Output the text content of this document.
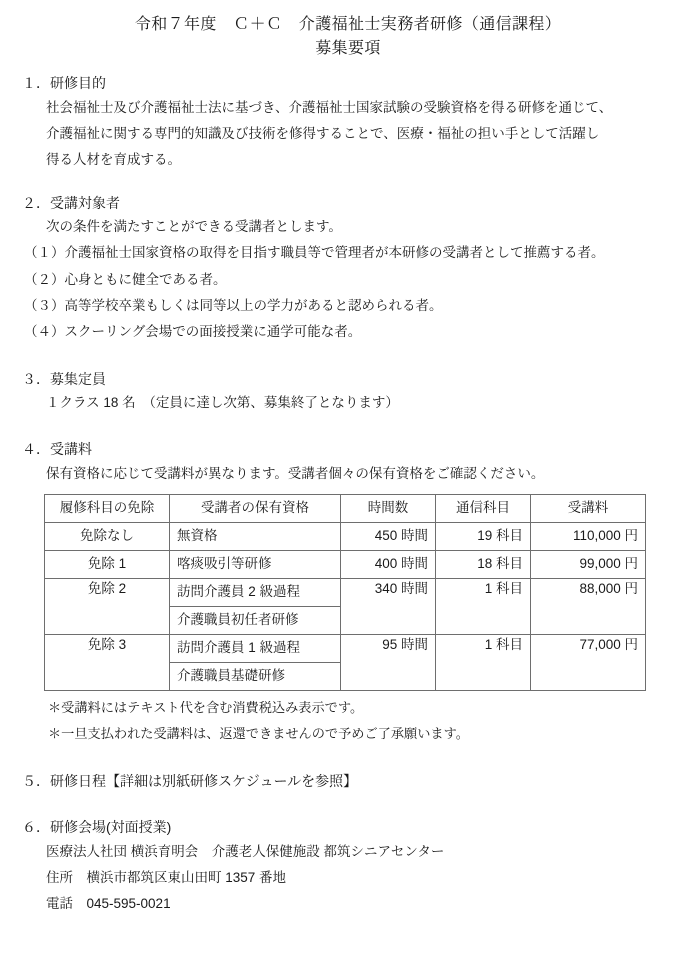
令和７年度　Ｃ＋Ｃ　介護福祉士実務者研修（通信課程）
募集要項
１．研修目的
社会福祉士及び介護福祉士法に基づき、介護福祉士国家試験の受験資格を得る研修を通じて、
介護福祉に関する専門的知識及び技術を修得することで、医療・福祉の担い手として活躍し
得る人材を育成する。
２．受講対象者
次の条件を満たすことができる受講者とします。
（１）介護福祉士国家資格の取得を目指す職員等で管理者が本研修の受講者として推薦する者。
（２）心身ともに健全である者。
（３）高等学校卒業もしくは同等以上の学力があると認められる者。
（４）スクーリング会場での面接授業に通学可能な者。
３．募集定員
１クラス 18 名　（定員に達し次第、募集終了となります）
４．受講料
保有資格に応じて受講料が異なります。受講者個々の保有資格をご確認ください。
履修科目の免除	受講者の保有資格	時間数	通信科目	受講料
免除なし	無資格	450 時間	19 科目	110,000 円
免除 1	喀痰吸引等研修	400 時間	18 科目	99,000 円
免除 2	訪問介護員 2 級過程	340 時間	1 科目	88,000 円
	介護職員初任者研修			
免除 3	訪問介護員 1 級過程	95 時間	1 科目	77,000 円
	介護職員基礎研修			
＊受講料にはテキスト代を含む消費税込み表示です。
＊一旦支払われた受講料は、返還できませんので予めご了承願います。
５．研修日程【詳細は別紙研修スケジュールを参照】
６．研修会場(対面授業)
医療法人社団 横浜育明会　介護老人保健施設 都筑シニアセンター
住所　横浜市都筑区東山田町 1357 番地
電話　045-595-0021
